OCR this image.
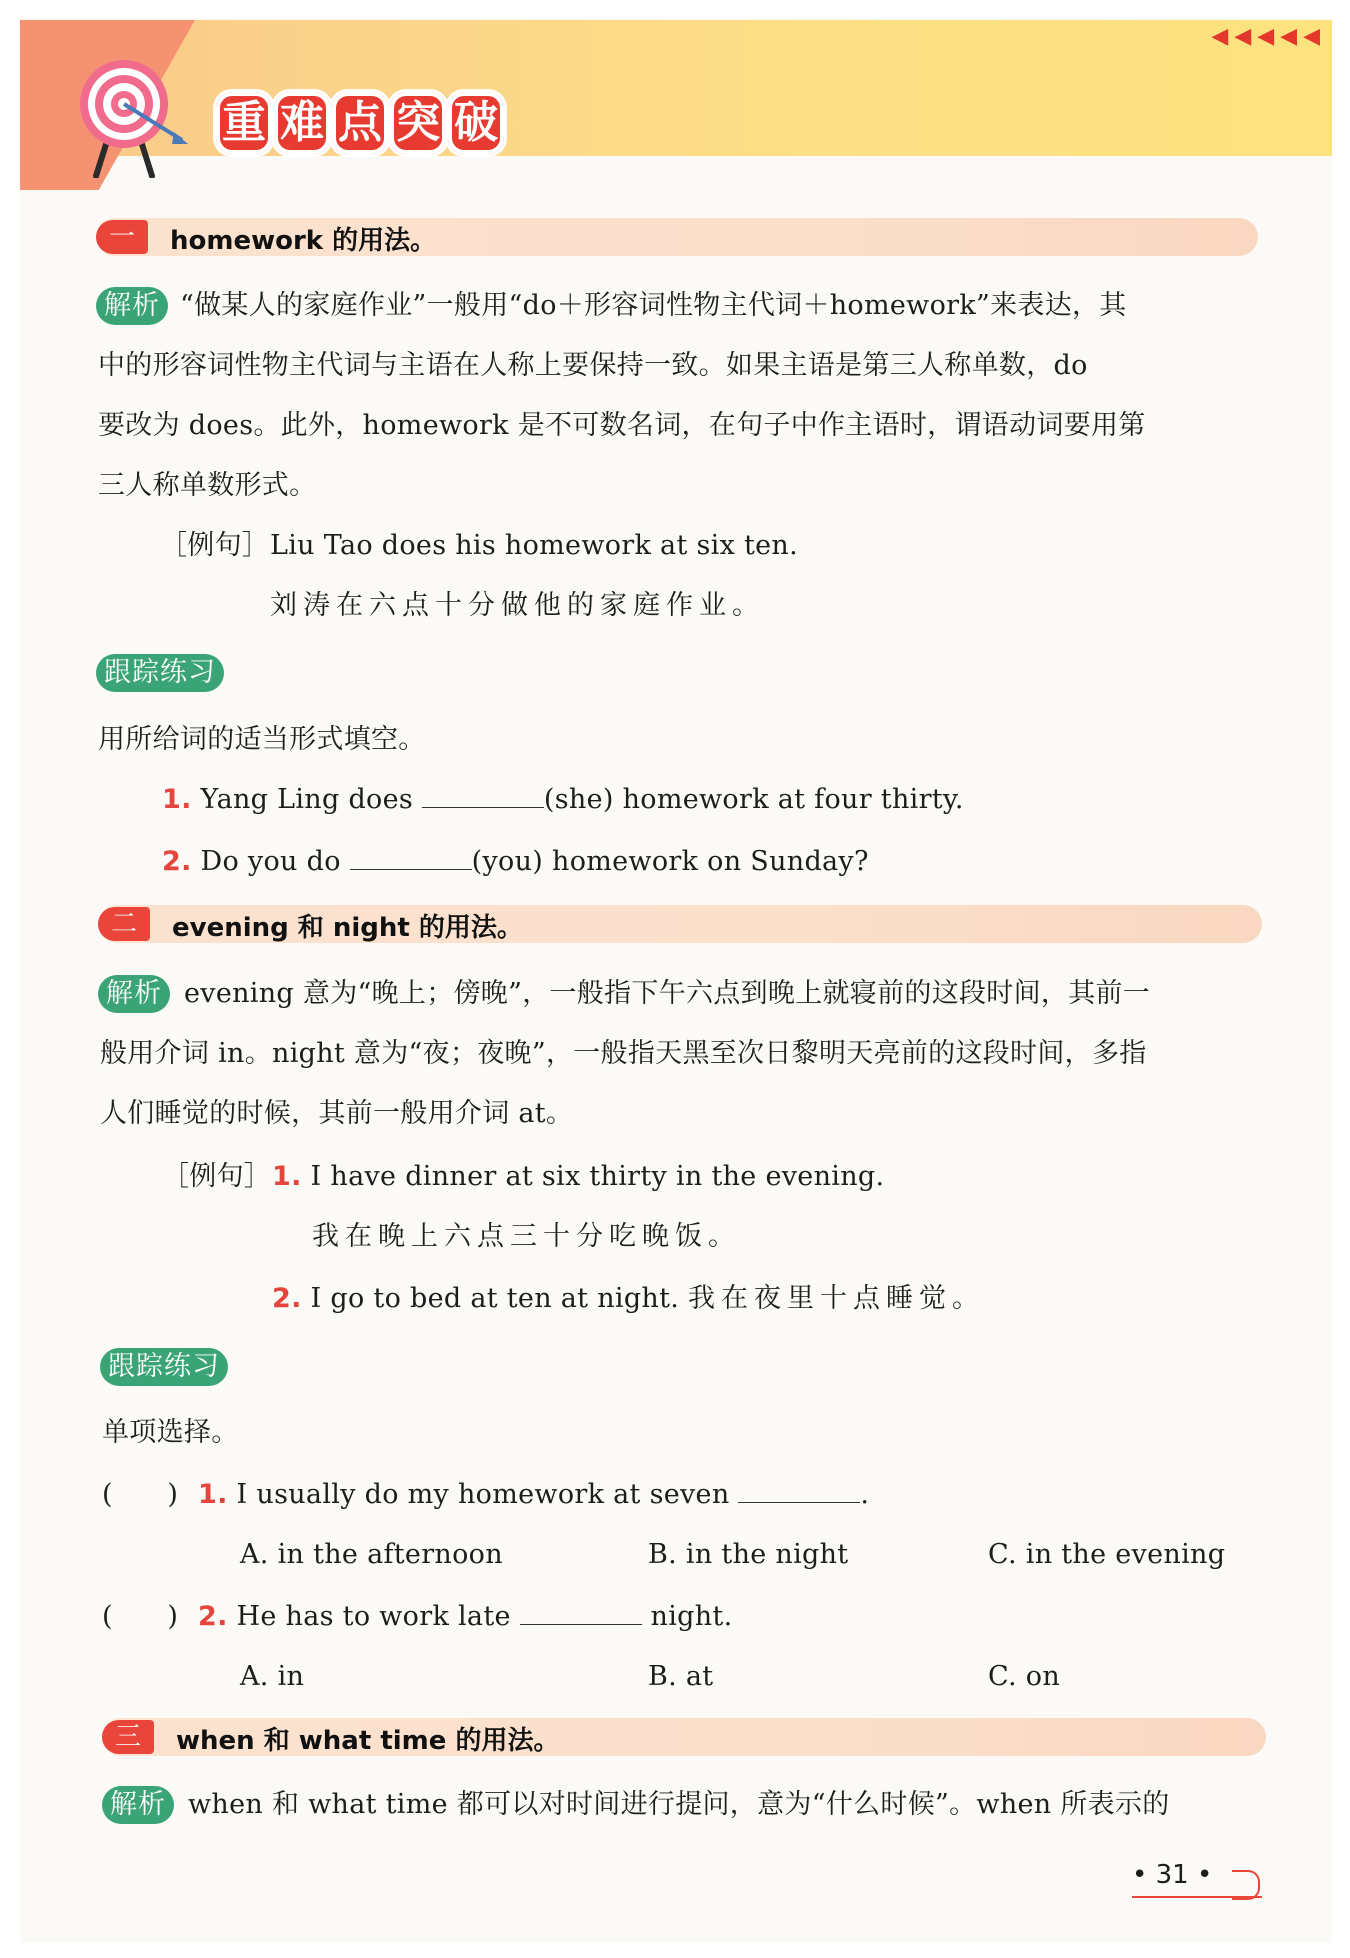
◀ ◀ ◀ ◀ ◀
重 难 点 突 破
一	homework 的用法。
解析 “做某人的家庭作业”一般用“do＋形容词性物主代词＋homework”来表达，其
中的形容词性物主代词与主语在人称上要保持一致。如果主语是第三人称单数，do
要改为 does。此外，homework 是不可数名词，在句子中作主语时，谓语动词要用第
三人称单数形式。
［例句］ Liu Tao does his homework at six ten.
刘涛在六点十分做他的家庭作业。
跟踪练习
用所给词的适当形式填空。
1. Yang Ling does	(she) homework at four thirty.
2. Do you do	(you) homework on Sunday?
二	evening 和 night 的用法。
解析 evening 意为“晚上；傍晚”，一般指下午六点到晚上就寝前的这段时间，其前一
般用介词 in。night 意为“夜；夜晚”，一般指天黑至次日黎明天亮前的这段时间，多指
人们睡觉的时候，其前一般用介词 at。
［例句］ 1. I have dinner at six thirty in the evening.
我在晚上六点三十分吃晚饭。
2. I go to bed at ten at night. 我在夜里十点睡觉。
跟踪练习
单项选择。
(　　) 1. I usually do my homework at seven	.
A. in the afternoon	B. in the night	C. in the evening
(　　) 2. He has to work late	night.
A. in	B. at	C. on
三	when 和 what time 的用法。
解析 when 和 what time 都可以对时间进行提问，意为“什么时候”。when 所表示的
• 31 •
